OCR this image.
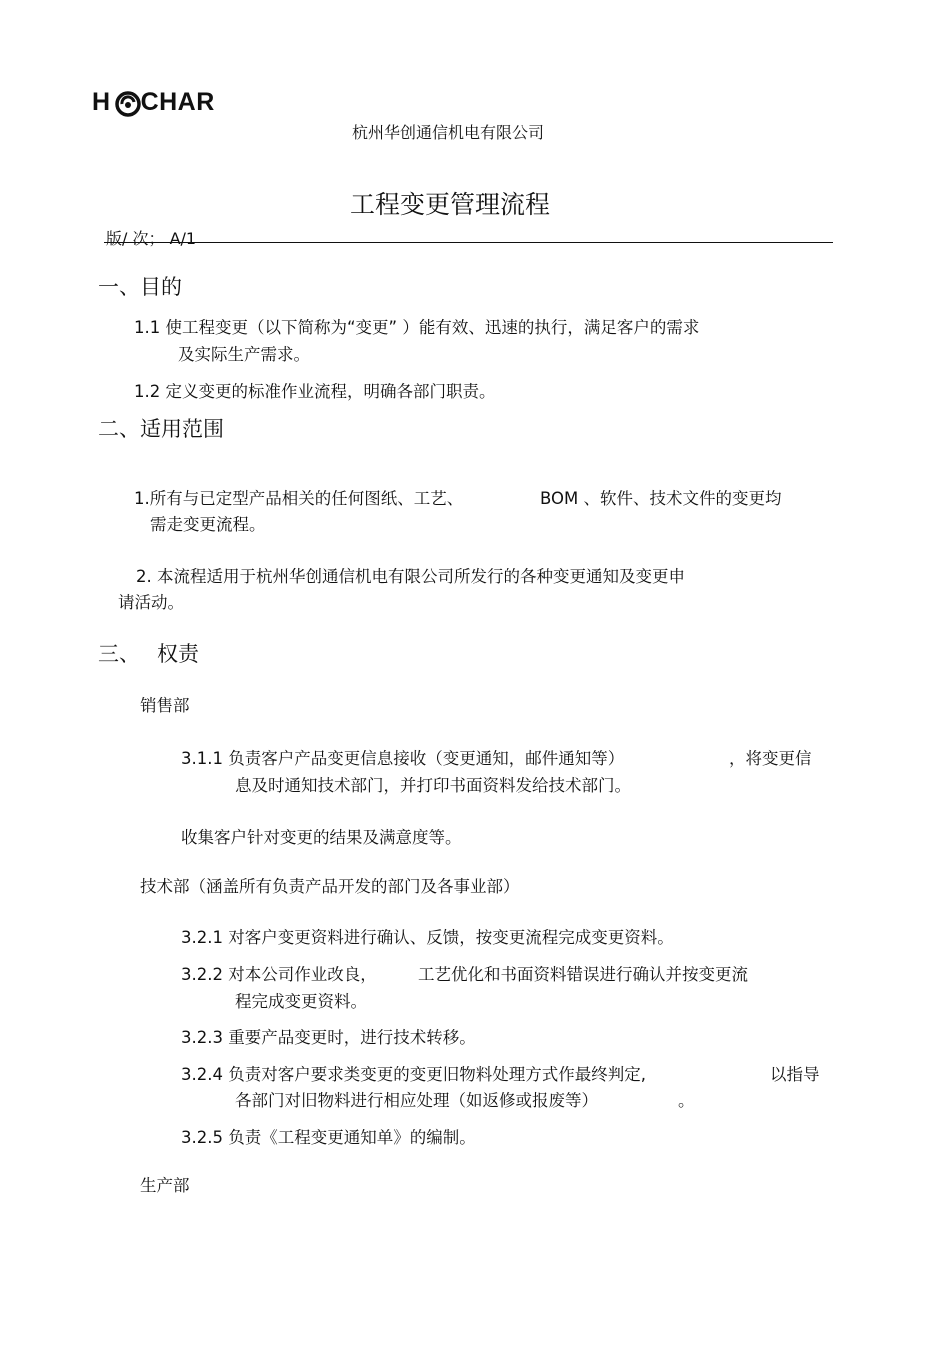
H CHAR
杭州华创通信机电有限公司
工程变更管理流程
版/ 次； A/1
一、目的
1.1 使工程变更（以下简称为“变更” ）能有效、迅速的执行，满足客户的需求
及实际生产需求。
1.2 定义变更的标准作业流程，明确各部门职责。
二、适用范围
1.所有与已定型产品相关的任何图纸、工艺、	BOM 、软件、技术文件的变更均
需走变更流程。
2. 本流程适用于杭州华创通信机电有限公司所发行的各种变更通知及变更申
请活动。
三、 权责
销售部
3.1.1 负责客户产品变更信息接收（变更通知，邮件通知等）	，将变更信
息及时通知技术部门，并打印书面资料发给技术部门。
收集客户针对变更的结果及满意度等。
技术部（涵盖所有负责产品开发的部门及各事业部）
3.2.1 对客户变更资料进行确认、反馈，按变更流程完成变更资料。
3.2.2 对本公司作业改良，	工艺优化和书面资料错误进行确认并按变更流
程完成变更资料。
3.2.3 重要产品变更时，进行技术转移。
3.2.4 负责对客户要求类变更的变更旧物料处理方式作最终判定,	以指导
各部门对旧物料进行相应处理（如返修或报废等）	。
3.2.5 负责《工程变更通知单》的编制。
生产部
